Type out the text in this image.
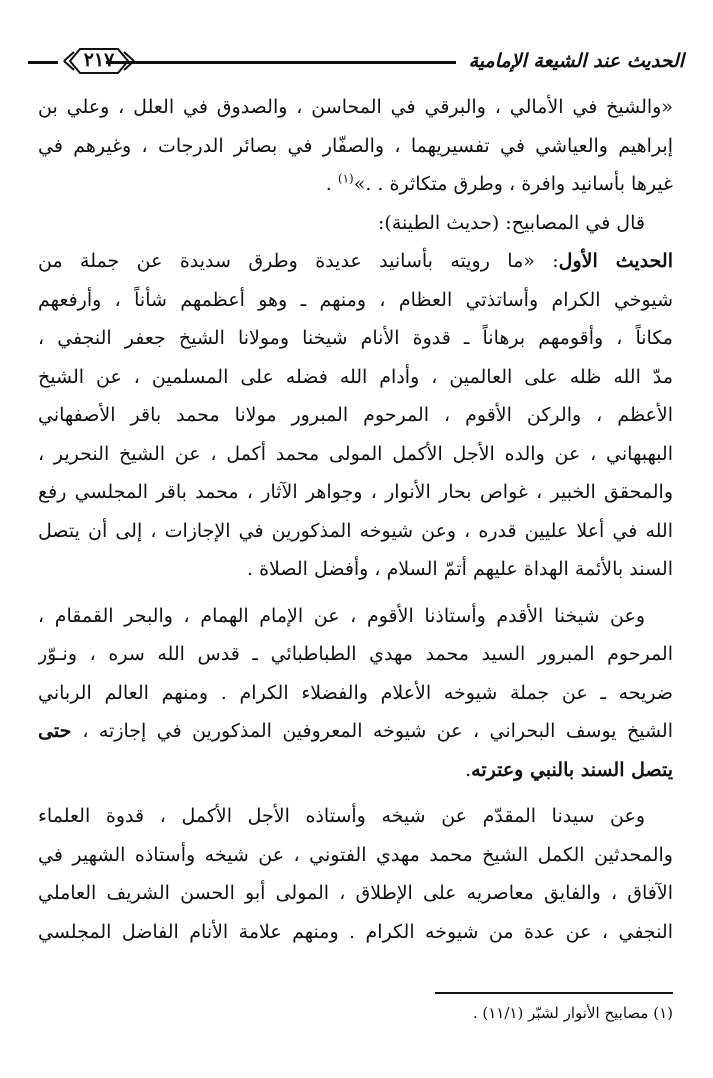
الحديث عند الشيعة الإمامية
٢١٧
«والشيخ في الأمالي ، والبرقي في المحاسن ، والصدوق في العلل ، وعلي بن
إبراهيم والعياشي في تفسيريهما ، والصفّار في بصائر الدرجات ، وغيرهم في
غيرها بأسانيد وافرة ، وطرق متكاثرة . .»$^{(١)}$ .
قال في المصابيح: (حديث الطينة):
الحديث الأول: «ما رويته بأسانيد عديدة وطرق سديدة عن جملة من
شيوخي الكرام وأساتذتي العظام ، ومنهم ـ وهو أعظمهم شأناً ، وأرفعهم
مكاناً ، وأقومهم برهاناً ـ قدوة الأنام شيخنا ومولانا الشيخ جعفر النجفي ،
مدّ الله ظله على العالمين ، وأدام الله فضله على المسلمين ، عن الشيخ
الأعظم ، والركن الأقوم ، المرحوم المبرور مولانا محمد باقر الأصفهاني
البهبهاني ، عن والده الأجل الأكمل المولى محمد أكمل ، عن الشيخ النحرير ،
والمحقق الخبير ، غواص بحار الأنوار ، وجواهر الآثار ، محمد باقر المجلسي رفع
الله في أعلا عليين قدره ، وعن شيوخه المذكورين في الإجازات ، إلى أن يتصل
السند بالأئمة الهداة عليهم أتمّ السلام ، وأفضل الصلاة .
وعن شيخنا الأقدم وأستاذنا الأقوم ، عن الإمام الهمام ، والبحر القمقام ،
المرحوم المبرور السيد محمد مهدي الطباطبائي ـ قدس الله سره ، ونـوّر
ضريحه ـ عن جملة شيوخه الأعلام والفضلاء الكرام . ومنهم العالم الرباني
الشيخ يوسف البحراني ، عن شيوخه المعروفين المذكورين في إجازته ، حتى
يتصل السند بالنبي وعترته.
وعن سيدنا المقدّم عن شيخه وأستاذه الأجل الأكمل ، قدوة العلماء
والمحدثين الكمل الشيخ محمد مهدي الفتوني ، عن شيخه وأستاذه الشهير في
الآفاق ، والفايق معاصريه على الإطلاق ، المولى أبو الحسن الشريف العاملي
النجفي ، عن عدة من شيوخه الكرام . ومنهم علامة الأنام الفاضل المجلسي
(١) مصابيح الأنوار لشبّر (١١/١) .
